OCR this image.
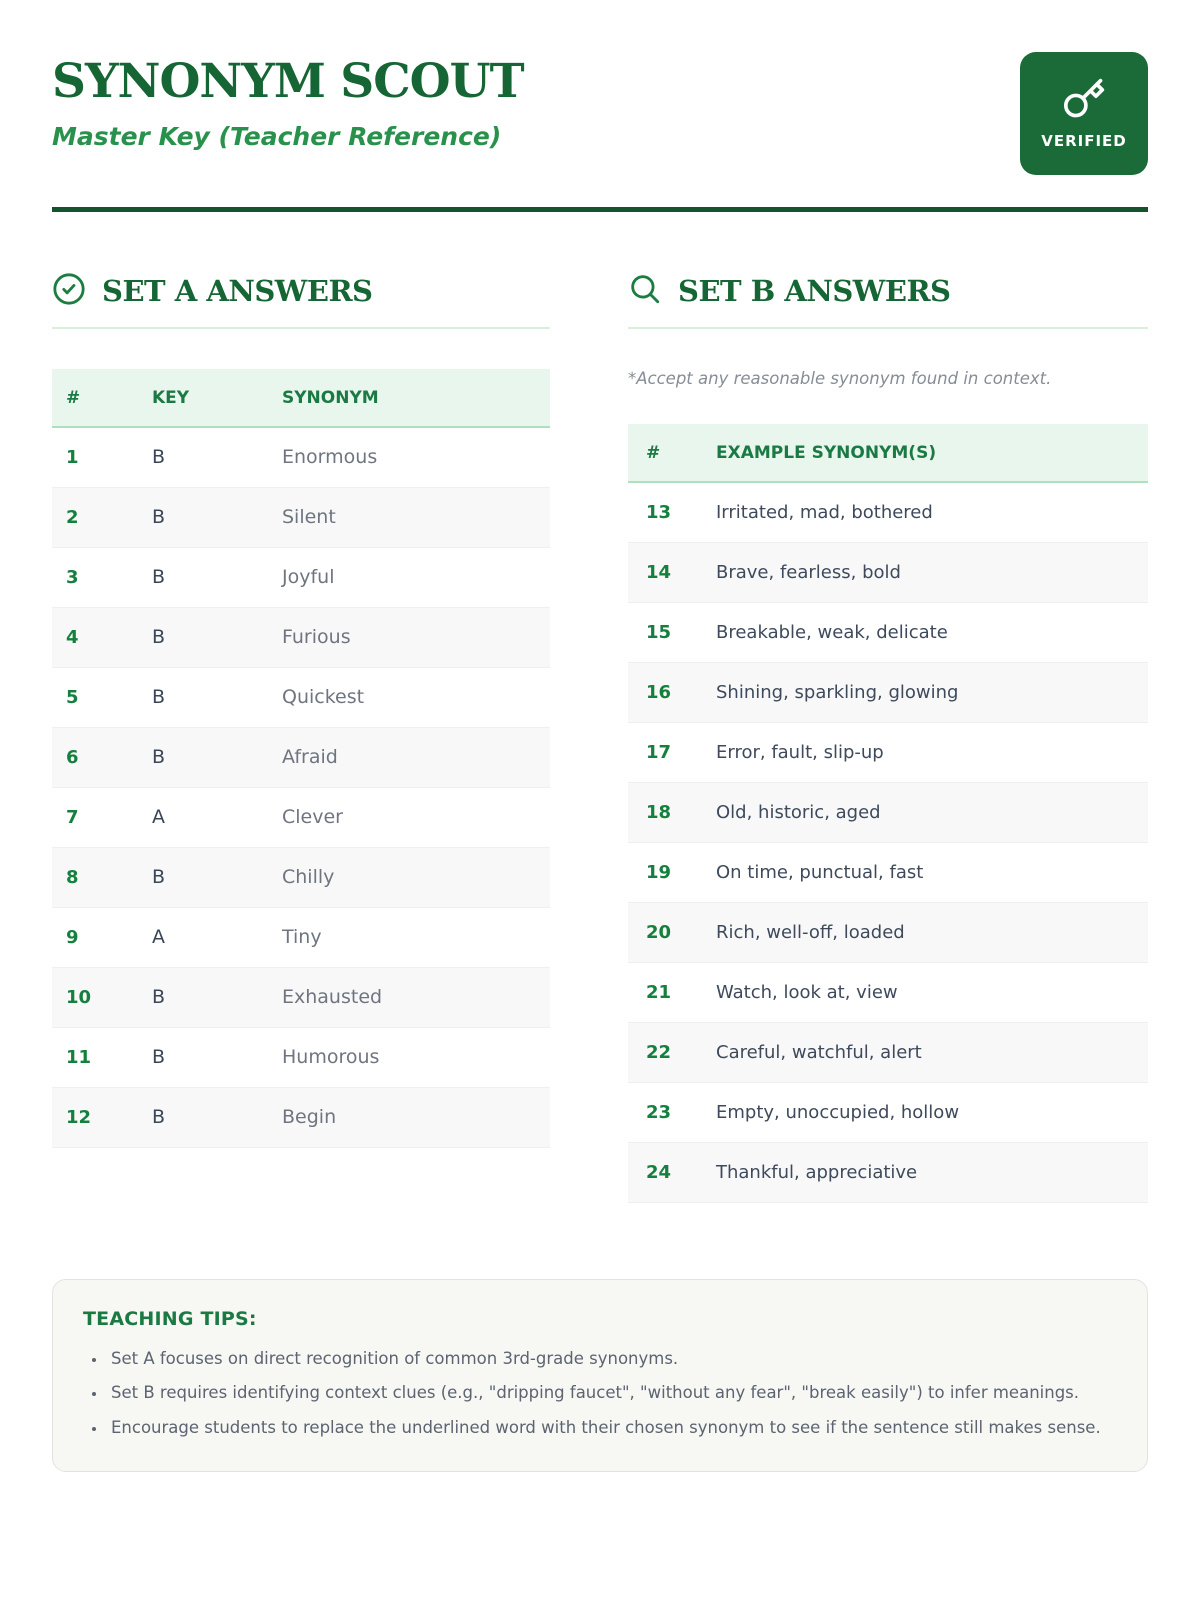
SYNONYM SCOUT
Master Key (Teacher Reference)	VERIFIED
SET A ANSWERS
#	KEY	SYNONYM
1	B	Enormous
2	B	Silent
3	B	Joyful
4	B	Furious
5	B	Quickest
6	B	Afraid
7	A	Clever
8	B	Chilly
9	A	Tiny
10	B	Exhausted
11	B	Humorous
12	B	Begin
SET B ANSWERS
*Accept any reasonable synonym found in context.
#	EXAMPLE SYNONYM(S)
13	Irritated, mad, bothered
14	Brave, fearless, bold
15	Breakable, weak, delicate
16	Shining, sparkling, glowing
17	Error, fault, slip-up
18	Old, historic, aged
19	On time, punctual, fast
20	Rich, well-off, loaded
21	Watch, look at, view
22	Careful, watchful, alert
23	Empty, unoccupied, hollow
24	Thankful, appreciative
TEACHING TIPS:
• Set A focuses on direct recognition of common 3rd-grade synonyms.
• Set B requires identifying context clues (e.g., "dripping faucet", "without any fear", "break easily") to infer meanings.
• Encourage students to replace the underlined word with their chosen synonym to see if the sentence still makes sense.
